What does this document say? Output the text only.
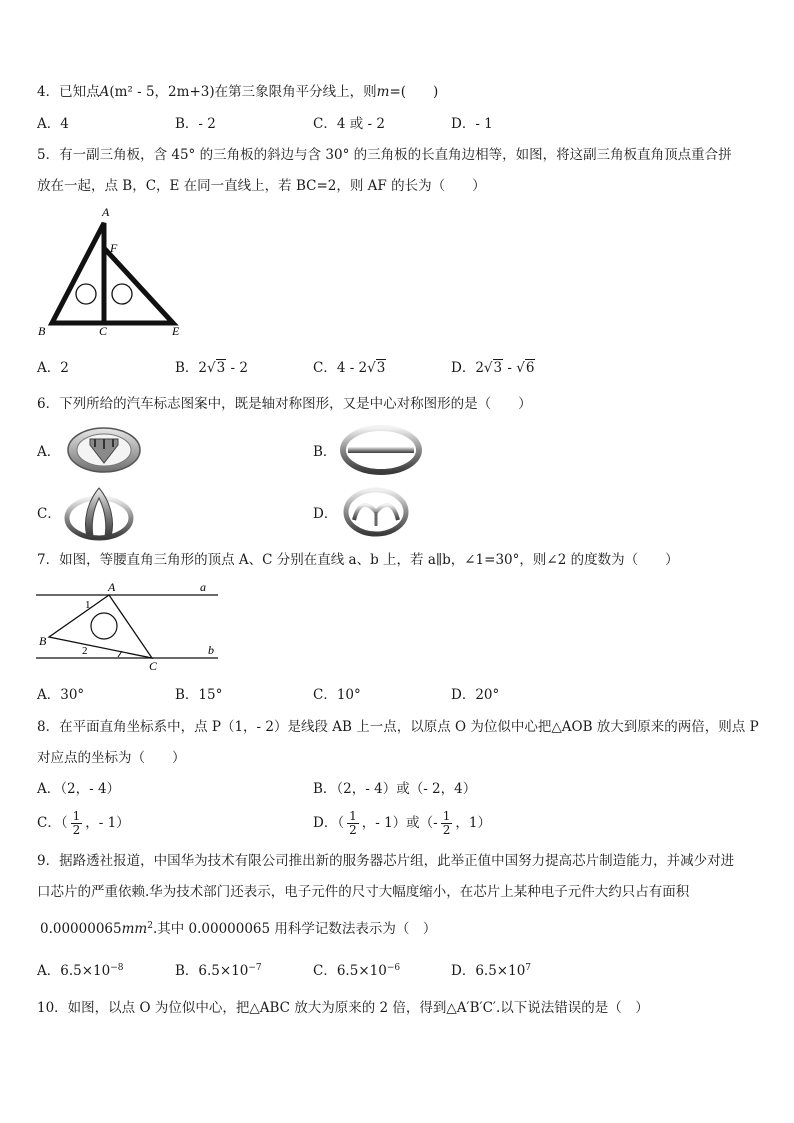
4．已知点A(m² - 5，2m+3)在第三象限角平分线上，则m=(　　)
A．4	B．- 2	C．4 或 - 2	D．- 1
5．有一副三角板，含 45° 的三角板的斜边与含 30° 的三角板的长直角边相等，如图，将这副三角板直角顶点重合拼
放在一起，点 B，C，E 在同一直线上，若 BC=2，则 AF 的长为（　　）
A
F
B	C	E
A．2	B．2√3 - 2	C．4 - 2√3	D．2√3 - √6
6．下列所给的汽车标志图案中，既是轴对称图形，又是中心对称图形的是（　　）
A．	B．
C．	D．
7．如图，等腰直角三角形的顶点 A、C 分别在直线 a、b 上，若 a∥b，∠1=30°，则∠2 的度数为（　　）
A	a
1
B
2
C
b
A．30°	B．15°	C．10°	D．20°
8．在平面直角坐标系中，点 P（1，- 2）是线段 AB 上一点，以原点 O 为位似中心把△AOB 放大到原来的两倍，则点 P
对应点的坐标为（　　）
A．（2，- 4）	B．（2，- 4）或（- 2，4）
C．（ $\frac{1}{2}$ ，- 1）	D．（ $\frac{1}{2}$ ，- 1）或（- $\frac{1}{2}$ ，1）
9．据路透社报道，中国华为技术有限公司推出新的服务器芯片组，此举正值中国努力提高芯片制造能力，并减少对进
口芯片的严重依赖.华为技术部门还表示，电子元件的尺寸大幅度缩小，在芯片上某种电子元件大约只占有面积
$0.00000065mm^2$.其中 0.00000065 用科学记数法表示为（　）
A．$6.5\times 10^{-8}$	B．$6.5\times 10^{-7}$	C．$6.5\times 10^{-6}$	D．$6.5\times 10^7$
10．如图，以点 O 为位似中心，把△ABC 放大为原来的 2 倍，得到△A′B′C′.以下说法错误的是（　）
